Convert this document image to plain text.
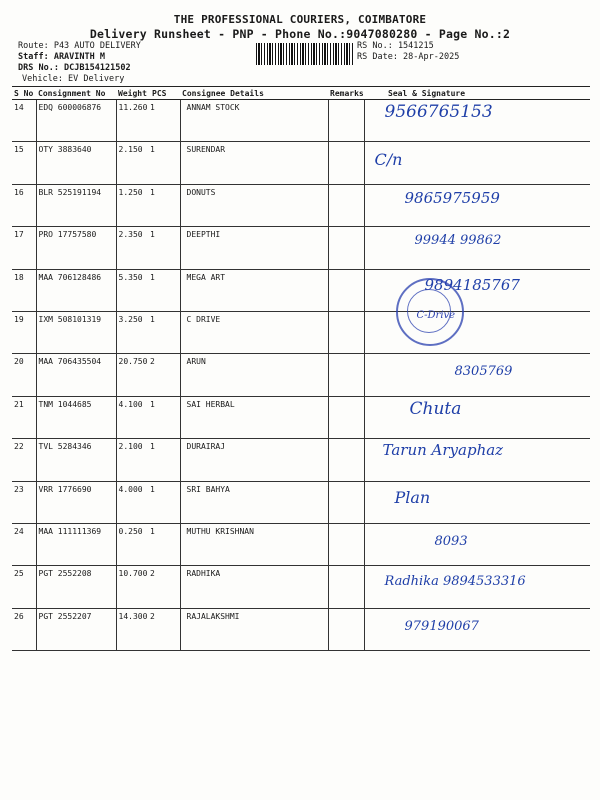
THE PROFESSIONAL COURIERS, COIMBATORE
Delivery Runsheet - PNP - Phone No.:9047080280 - Page No.:2
Route: P43 AUTO DELIVERY
Staff: ARAVINTH M
DRS No.: DCJB154121502
Vehicle: EV Delivery
RS No.: 1541215
RS Date: 28-Apr-2025
S No	Consignment No	Weight	PCS	Consignee Details	Remarks	Seal & Signature
14	EDQ 600006876	11.260	1	ANNAM STOCK		9566765153

15	OTY 3883640	2.150	1	SURENDAR		C/n

16	BLR 525191194	1.250	1	DONUTS		9865975959

17	PRO 17757580	2.350	1	DEEPTHI		99944 99862

18	MAA 706128486	5.350	1	MEGA ART		9894185767

19	IXM 508101319	3.250	1	C DRIVE		C-Drive

20	MAA 706435504	20.750	2	ARUN		8305769

21	TNM 1044685	4.100	1	SAI HERBAL		Chuta

22	TVL 5284346	2.100	1	DURAIRAJ		Tarun Aryaphaz

23	VRR 1776690	4.000	1	SRI BAHYA		Plan

24	MAA 111111369	0.250	1	MUTHU KRISHNAN		8093

25	PGT 2552208	10.700	2	RADHIKA		Radhika 9894533316

26	PGT 2552207	14.300	2	RAJALAKSHMI		979190067
